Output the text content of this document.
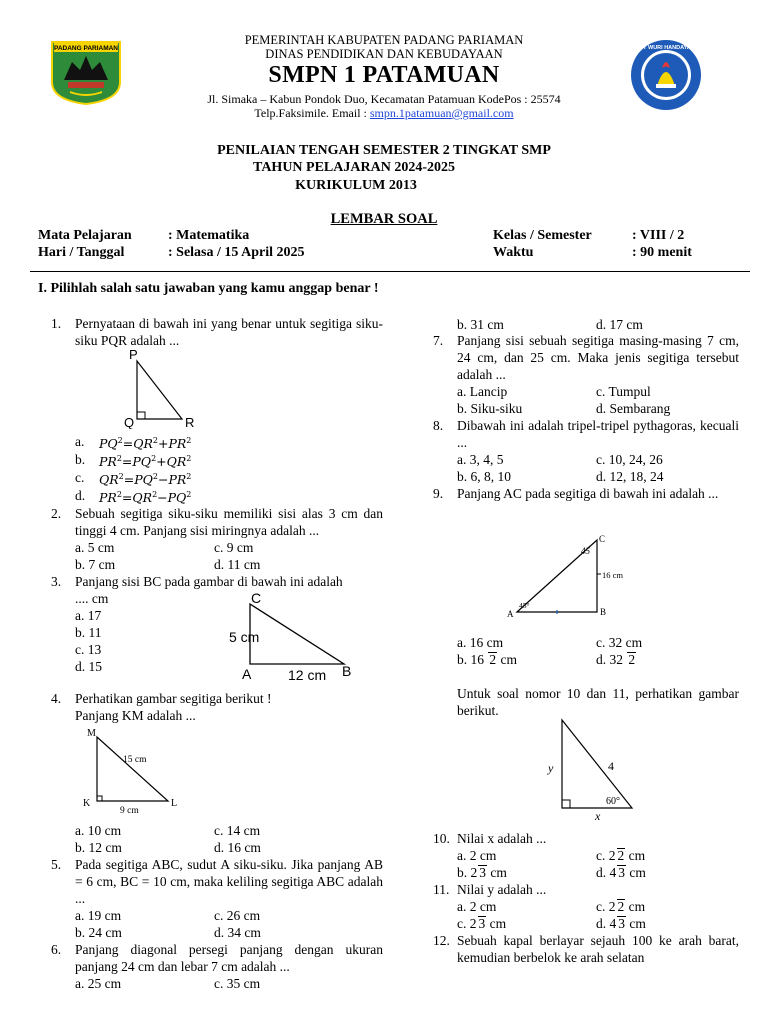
PADANG PARIAMAN	TUT WURI HANDAYANI
PEMERINTAH KABUPATEN PADANG PARIAMAN
DINAS PENDIDIKAN DAN KEBUDAYAAN
SMPN 1 PATAMUAN
Jl. Simaka – Kabun Pondok Duo, Kecamatan Patamuan KodePos : 25574
Telp.Faksimile. Email : smpn.1patamuan@gmail.com
PENILAIAN TENGAH SEMESTER 2 TINGKAT SMP
TAHUN PELAJARAN 2024-2025
KURIKULUM 2013
LEMBAR SOAL
Mata Pelajaran	: Matematika
Hari / Tanggal	: Selasa / 15 April 2025
Kelas / Semester	: VIII / 2
Waktu	: 90 menit
I. Pilihlah salah satu jawaban yang kamu anggap benar !
1. Pernyataan di bawah ini yang benar untuk segitiga siku-siku PQR adalah ...
P
Q	R
a. $PQ^2=QR^2+PR^2$
b. $PR^2=PQ^2+QR^2$
c. $QR^2=PQ^2-PR^2$
d. $PR^2=QR^2-PQ^2$
2. Sebuah segitiga siku-siku memiliki sisi alas 3 cm dan tinggi 4 cm. Panjang sisi miringnya adalah ...
a. 5 cm	c. 9 cm
b. 7 cm	d. 11 cm
3. Panjang sisi BC pada gambar di bawah ini adalah
.... cm
a. 17
b. 11
c. 13
d. 15
C
A	B
5 cm
12 cm
4. Perhatikan gambar segitiga berikut !
Panjang KM adalah ...
M
K	L
15 cm
9 cm
a. 10 cm	c. 14 cm
b. 12 cm	d. 16 cm
5. Pada segitiga ABC, sudut A siku-siku. Jika panjang AB = 6 cm, BC = 10 cm, maka keliling segitiga ABC adalah ...
a. 19 cm	c. 26 cm
b. 24 cm	d. 34 cm
6. Panjang diagonal persegi panjang dengan ukuran panjang 24 cm dan lebar 7 cm adalah ...
a. 25 cm	c. 35 cm
b. 31 cm	d. 17 cm
7. Panjang sisi sebuah segitiga masing-masing 7 cm, 24 cm, dan 25 cm. Maka jenis segitiga tersebut adalah ...
a. Lancip	c. Tumpul
b. Siku-siku	d. Sembarang
8. Dibawah ini adalah tripel-tripel pythagoras, kecuali ...
a. 3, 4, 5	c. 10, 24, 26
b. 6, 8, 10	d. 12, 18, 24
9. Panjang AC pada segitiga di bawah ini adalah ...
C
A	B
45
45°
16 cm
a. 16 cm	c. 32 cm
b. 16 2 cm	d. 32 2
Untuk soal nomor 10 dan 11, perhatikan gambar berikut.
y	4
60°
x
10. Nilai x adalah ...
a. 2 cm	c. 2 2 cm
b. 2 3 cm	d. 4 3 cm
11. Nilai y adalah ...
a. 2 cm	c. 2 2 cm
c. 2 3 cm	d. 4 3 cm
12. Sebuah kapal berlayar sejauh 100 ke arah barat, kemudian berbelok ke arah selatan
